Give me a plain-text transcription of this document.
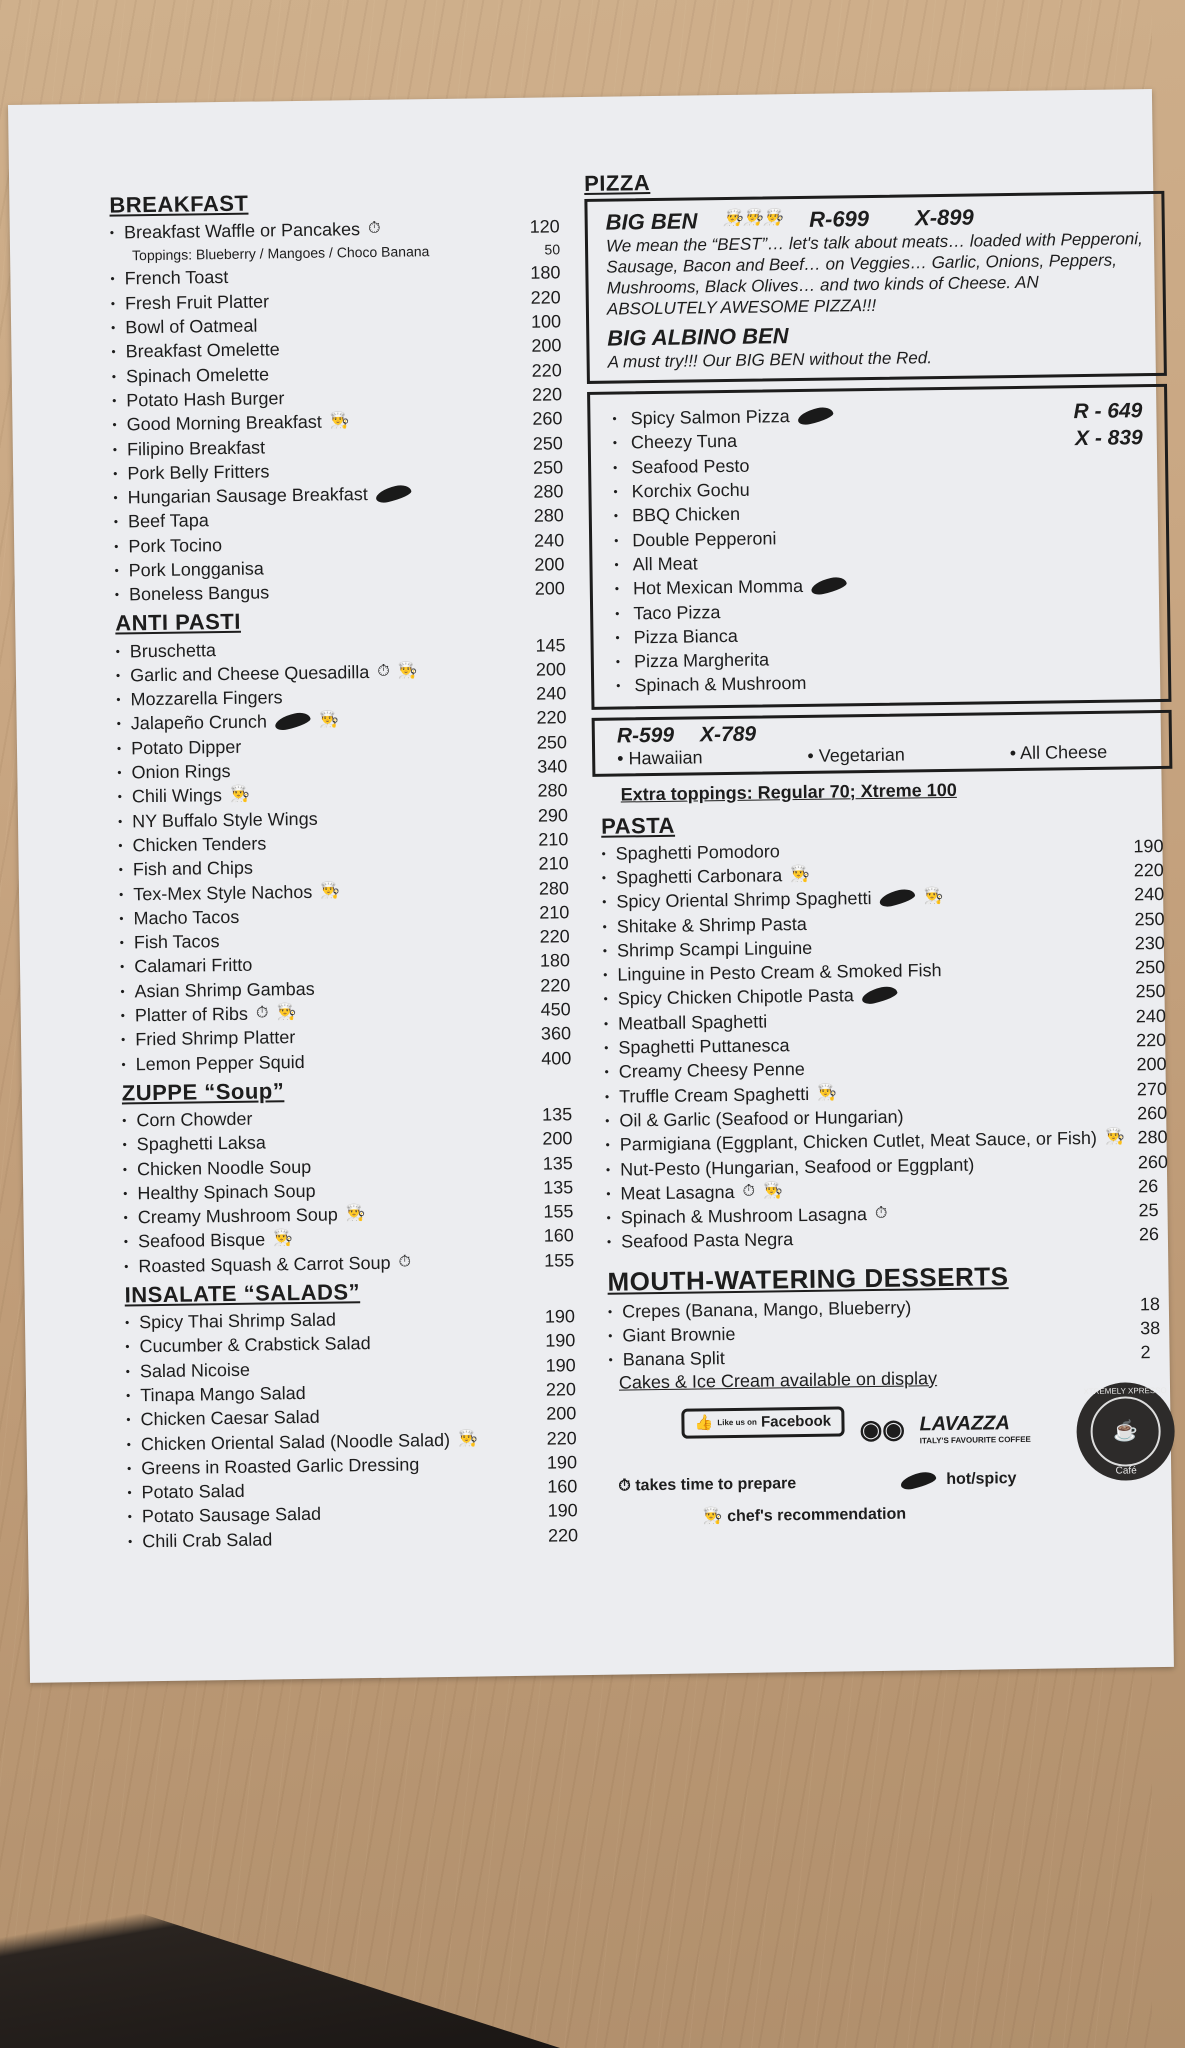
BREAKFAST
• Breakfast Waffle or Pancakes ⏱	120
Toppings: Blueberry / Mangoes / Choco Banana	50
• French Toast	180
• Fresh Fruit Platter	220
• Bowl of Oatmeal	100
• Breakfast Omelette	200
• Spinach Omelette	220
• Potato Hash Burger	220
• Good Morning Breakfast 👨‍🍳	260
• Filipino Breakfast	250
• Pork Belly Fritters	250
• Hungarian Sausage Breakfast	280
• Beef Tapa	280
• Pork Tocino	240
• Pork Longganisa	200
• Boneless Bangus	200
ANTI PASTI
• Bruschetta	145
• Garlic and Cheese Quesadilla ⏱ 👨‍🍳	200
• Mozzarella Fingers	240
• Jalapeño Crunch	👨‍🍳	220
• Potato Dipper	250
• Onion Rings	340
• Chili Wings 👨‍🍳	280
• NY Buffalo Style Wings	290
• Chicken Tenders	210
• Fish and Chips	210
• Tex-Mex Style Nachos 👨‍🍳	280
• Macho Tacos	210
• Fish Tacos	220
• Calamari Fritto	180
• Asian Shrimp Gambas	220
• Platter of Ribs ⏱ 👨‍🍳	450
• Fried Shrimp Platter	360
• Lemon Pepper Squid	400
ZUPPE “Soup”
• Corn Chowder	135
• Spaghetti Laksa	200
• Chicken Noodle Soup	135
• Healthy Spinach Soup	135
• Creamy Mushroom Soup 👨‍🍳	155
• Seafood Bisque 👨‍🍳	160
• Roasted Squash & Carrot Soup ⏱	155
INSALATE “SALADS”
• Spicy Thai Shrimp Salad	190
• Cucumber & Crabstick Salad	190
• Salad Nicoise	190
• Tinapa Mango Salad	220
• Chicken Caesar Salad	200
• Chicken Oriental Salad (Noodle Salad) 👨‍🍳	220
• Greens in Roasted Garlic Dressing	190
• Potato Salad	160
• Potato Sausage Salad	190
• Chili Crab Salad	220
PIZZA
BIG BEN 👨‍🍳👨‍🍳👨‍🍳 R-699 X-899
We mean the “BEST”… let's talk about meats… loaded with Pepperoni, Sausage, Bacon and Beef… on Veggies… Garlic, Onions, Peppers, Mushrooms, Black Olives… and two kinds of Cheese. AN ABSOLUTELY AWESOME PIZZA!!!
BIG ALBINO BEN
A must try!!! Our BIG BEN without the Red.
R - 649
X - 839
• Spicy Salmon Pizza
• Cheezy Tuna
• Seafood Pesto
• Korchix Gochu
• BBQ Chicken
• Double Pepperoni
• All Meat
• Hot Mexican Momma
• Taco Pizza
• Pizza Bianca
• Pizza Margherita
• Spinach & Mushroom
R-599 X-789
• Hawaiian	• Vegetarian	• All Cheese
Extra toppings: Regular 70; Xtreme 100
PASTA
• Spaghetti Pomodoro	190
• Spaghetti Carbonara 👨‍🍳	220
• Spicy Oriental Shrimp Spaghetti	👨‍🍳	240
• Shitake & Shrimp Pasta	250
• Shrimp Scampi Linguine	230
• Linguine in Pesto Cream & Smoked Fish	250
• Spicy Chicken Chipotle Pasta	250
• Meatball Spaghetti	240
• Spaghetti Puttanesca	220
• Creamy Cheesy Penne	200
• Truffle Cream Spaghetti 👨‍🍳	270
• Oil & Garlic (Seafood or Hungarian)	260
• Parmigiana (Eggplant, Chicken Cutlet, Meat Sauce, or Fish) 👨‍🍳 280
• Nut-Pesto (Hungarian, Seafood or Eggplant)	260
• Meat Lasagna ⏱ 👨‍🍳	26
• Spinach & Mushroom Lasagna ⏱	25
• Seafood Pasta Negra	26
MOUTH-WATERING DESSERTS
• Crepes (Banana, Mango, Blueberry)	18
• Giant Brownie	38
• Banana Split	2
Cakes & Ice Cream available on display
👍 Like us on Facebook	◉◉ LAVAZZA
ITALY'S FAVOURITE COFFEE
XTREMELY XPRESSO
☕
Café
⏱ takes time to prepare	hot/spicy
👨‍🍳 chef's recommendation
